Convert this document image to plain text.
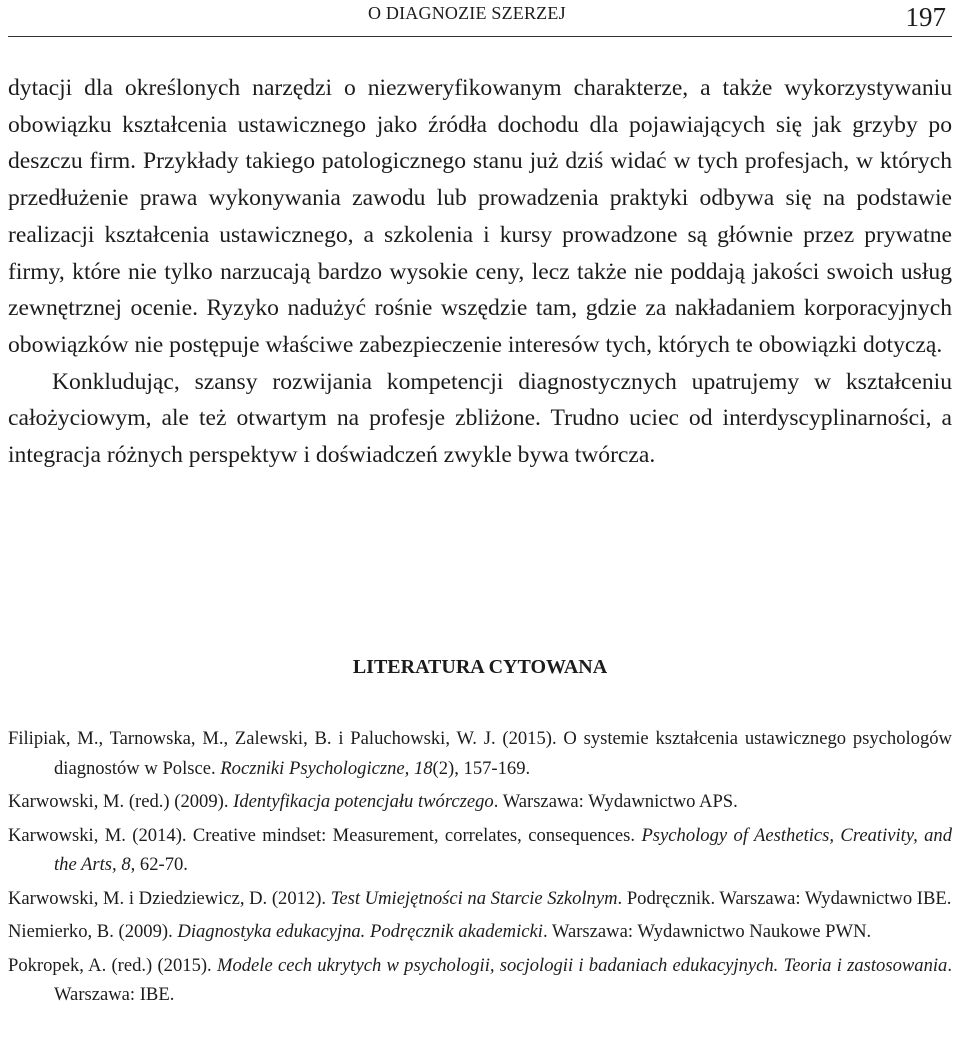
O DIAGNOZIE SZERZEJ	197

dytacji dla określonych narzędzi o niezweryfikowanym charakterze, a także wykorzystywaniu obowiązku kształcenia ustawicznego jako źródła dochodu dla pojawiających się jak grzyby po deszczu firm. Przykłady takiego patologicznego stanu już dziś widać w tych profesjach, w których przedłużenie prawa wykonywania zawodu lub prowadzenia praktyki odbywa się na podstawie realizacji kształcenia ustawicznego, a szkolenia i kursy prowadzone są głównie przez prywatne firmy, które nie tylko narzucają bardzo wysokie ceny, lecz także nie poddają jakości swoich usług zewnętrznej ocenie. Ryzyko nadużyć rośnie wszędzie tam, gdzie za nakładaniem korporacyjnych obowiązków nie postępuje właściwe zabezpieczenie interesów tych, których te obowiązki dotyczą.

Konkludując, szansy rozwijania kompetencji diagnostycznych upatrujemy w kształceniu całożyciowym, ale też otwartym na profesje zbliżone. Trudno uciec od interdyscyplinarności, a integracja różnych perspektyw i doświadczeń zwykle bywa twórcza.

LITERATURA CYTOWANA
Filipiak, M., Tarnowska, M., Zalewski, B. i Paluchowski, W. J. (2015). O systemie kształcenia ustawicznego psychologów diagnostów w Polsce. Roczniki Psychologiczne, 18(2), 157-169.
Karwowski, M. (red.) (2009). Identyfikacja potencjału twórczego. Warszawa: Wydawnictwo APS.
Karwowski, M. (2014). Creative mindset: Measurement, correlates, consequences. Psychology of Aesthetics, Creativity, and the Arts, 8, 62-70.
Karwowski, M. i Dziedziewicz, D. (2012). Test Umiejętności na Starcie Szkolnym. Podręcznik. Warszawa: Wydawnictwo IBE.
Niemierko, B. (2009). Diagnostyka edukacyjna. Podręcznik akademicki. Warszawa: Wydawnictwo Naukowe PWN.
Pokropek, A. (red.) (2015). Modele cech ukrytych w psychologii, socjologii i badaniach edukacyjnych. Teoria i zastosowania. Warszawa: IBE.
